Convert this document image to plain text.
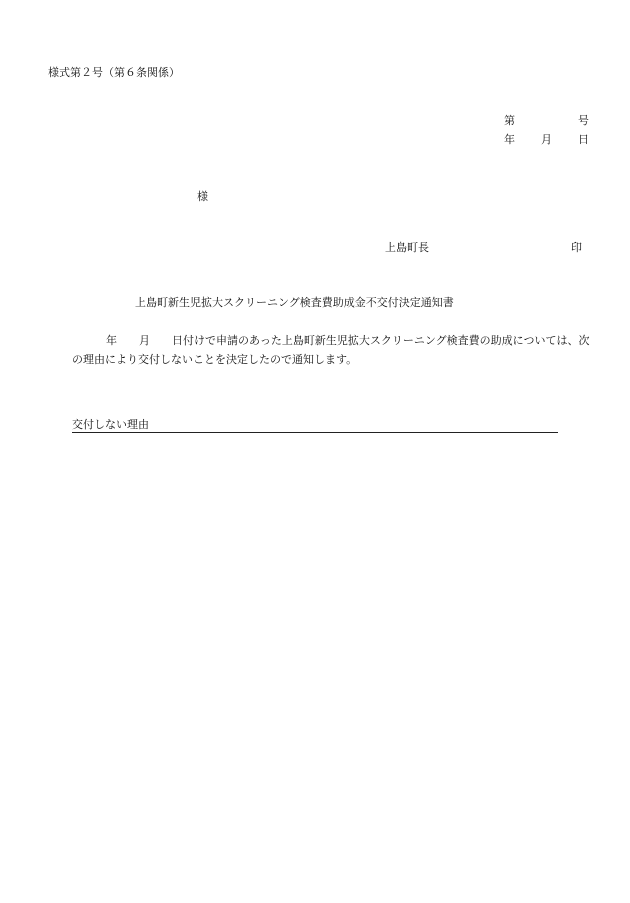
様式第２号（第６条関係）

第	号

年 月 日

様
上島町長	印
上島町新生児拡大スクリーニング検査費助成金不交付決定通知書
年　　月　　日付けで申請のあった上島町新生児拡大スクリーニング検査費の助成については、次の理由により交付しないことを決定したので通知します。
交付しない理由
